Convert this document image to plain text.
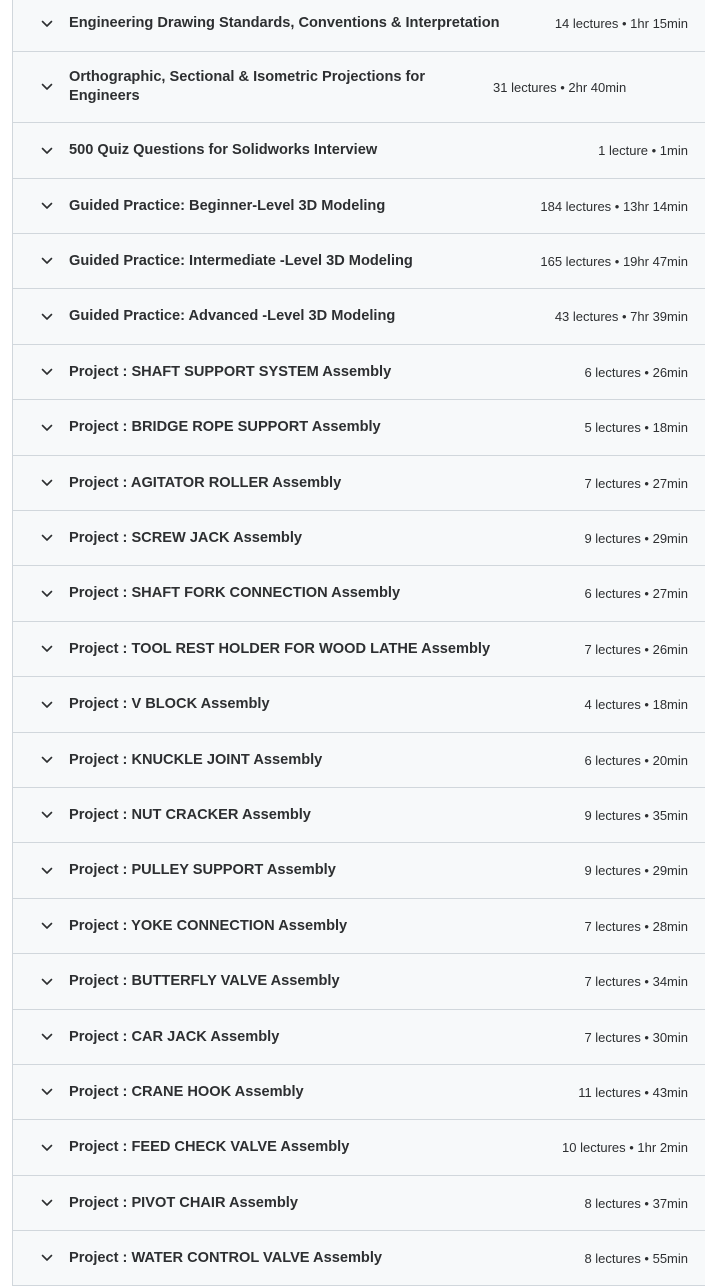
Engineering Drawing Standards, Conventions & Interpretation	14 lectures • 1hr 15min
Orthographic, Sectional & Isometric Projections for Engineers
31 lectures • 2hr 40min
500 Quiz Questions for Solidworks Interview	1 lecture • 1min
Guided Practice: Beginner-Level 3D Modeling	184 lectures • 13hr 14min
Guided Practice: Intermediate -Level 3D Modeling	165 lectures • 19hr 47min
Guided Practice: Advanced -Level 3D Modeling	43 lectures • 7hr 39min
Project : SHAFT SUPPORT SYSTEM Assembly	6 lectures • 26min
Project : BRIDGE ROPE SUPPORT Assembly	5 lectures • 18min
Project : AGITATOR ROLLER Assembly	7 lectures • 27min
Project : SCREW JACK Assembly	9 lectures • 29min
Project : SHAFT FORK CONNECTION Assembly	6 lectures • 27min
Project : TOOL REST HOLDER FOR WOOD LATHE Assembly	7 lectures • 26min
Project : V BLOCK Assembly	4 lectures • 18min
Project : KNUCKLE JOINT Assembly	6 lectures • 20min
Project : NUT CRACKER Assembly	9 lectures • 35min
Project : PULLEY SUPPORT Assembly	9 lectures • 29min
Project : YOKE CONNECTION Assembly	7 lectures • 28min
Project : BUTTERFLY VALVE Assembly	7 lectures • 34min
Project : CAR JACK Assembly	7 lectures • 30min
Project : CRANE HOOK Assembly	11 lectures • 43min
Project : FEED CHECK VALVE Assembly	10 lectures • 1hr 2min
Project : PIVOT CHAIR Assembly	8 lectures • 37min
Project : WATER CONTROL VALVE Assembly	8 lectures • 55min
